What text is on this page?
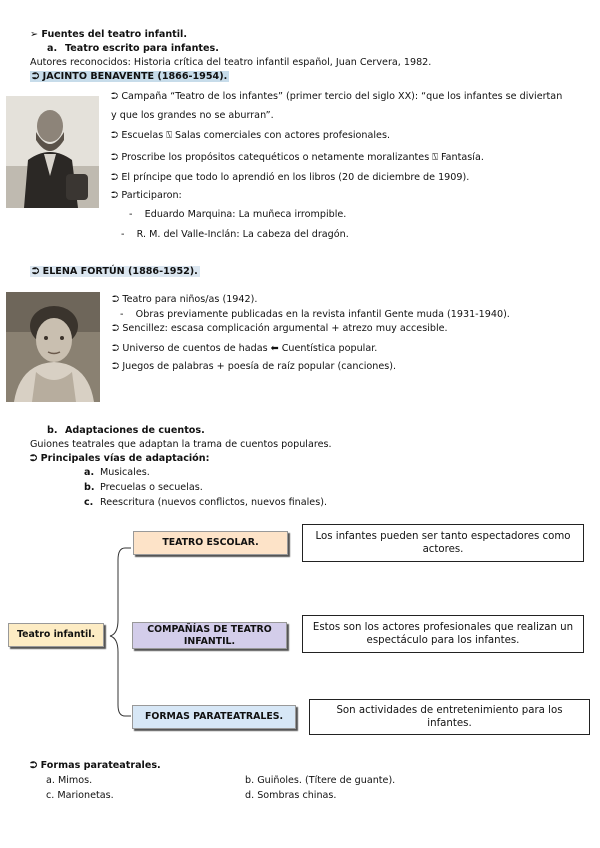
➢ Fuentes del teatro infantil.
a. Teatro escrito para infantes.
Autores reconocidos: Historia crítica del teatro infantil español, Juan Cervera, 1982.
⮊ JACINTO BENAVENTE (1866-1954).
⮊ Campaña “Teatro de los infantes” (primer tercio del siglo XX): “que los infantes se diviertan
y que los grandes no se aburran”.
⮊ Escuelas ⍂ Salas comerciales con actores profesionales.
⮊ Proscribe los propósitos catequéticos o netamente moralizantes ⍂ Fantasía.
⮊ El príncipe que todo lo aprendió en los libros (20 de diciembre de 1909).
⮊ Participaron:
-    Eduardo Marquina: La muñeca irrompible.
-    R. M. del Valle-Inclán: La cabeza del dragón.
⮊ ELENA FORTÚN (1886-1952).
⮊ Teatro para niños/as (1942).
-    Obras previamente publicadas en la revista infantil Gente muda (1931-1940).
⮊ Sencillez: escasa complicación argumental + atrezo muy accesible.
⮊ Universo de cuentos de hadas ⬅ Cuentística popular.
⮊ Juegos de palabras + poesía de raíz popular (canciones).
b. Adaptaciones de cuentos.
Guiones teatrales que adaptan la trama de cuentos populares.
⮊ Principales vías de adaptación:
a. Musicales.
b. Precuelas o secuelas.
c. Reescritura (nuevos conflictos, nuevos finales).
Teatro infantil.
TEATRO ESCOLAR.
COMPAÑÍAS DE TEATRO INFANTIL.
FORMAS PARATEATRALES.
Los infantes pueden ser tanto espectadores como actores.
Estos son los actores profesionales que realizan un espectáculo para los infantes.
Son actividades de entretenimiento para los infantes.
⮊ Formas parateatrales.
a. Mimos.	b. Guiñoles. (Títere de guante).
c. Marionetas.	d. Sombras chinas.
